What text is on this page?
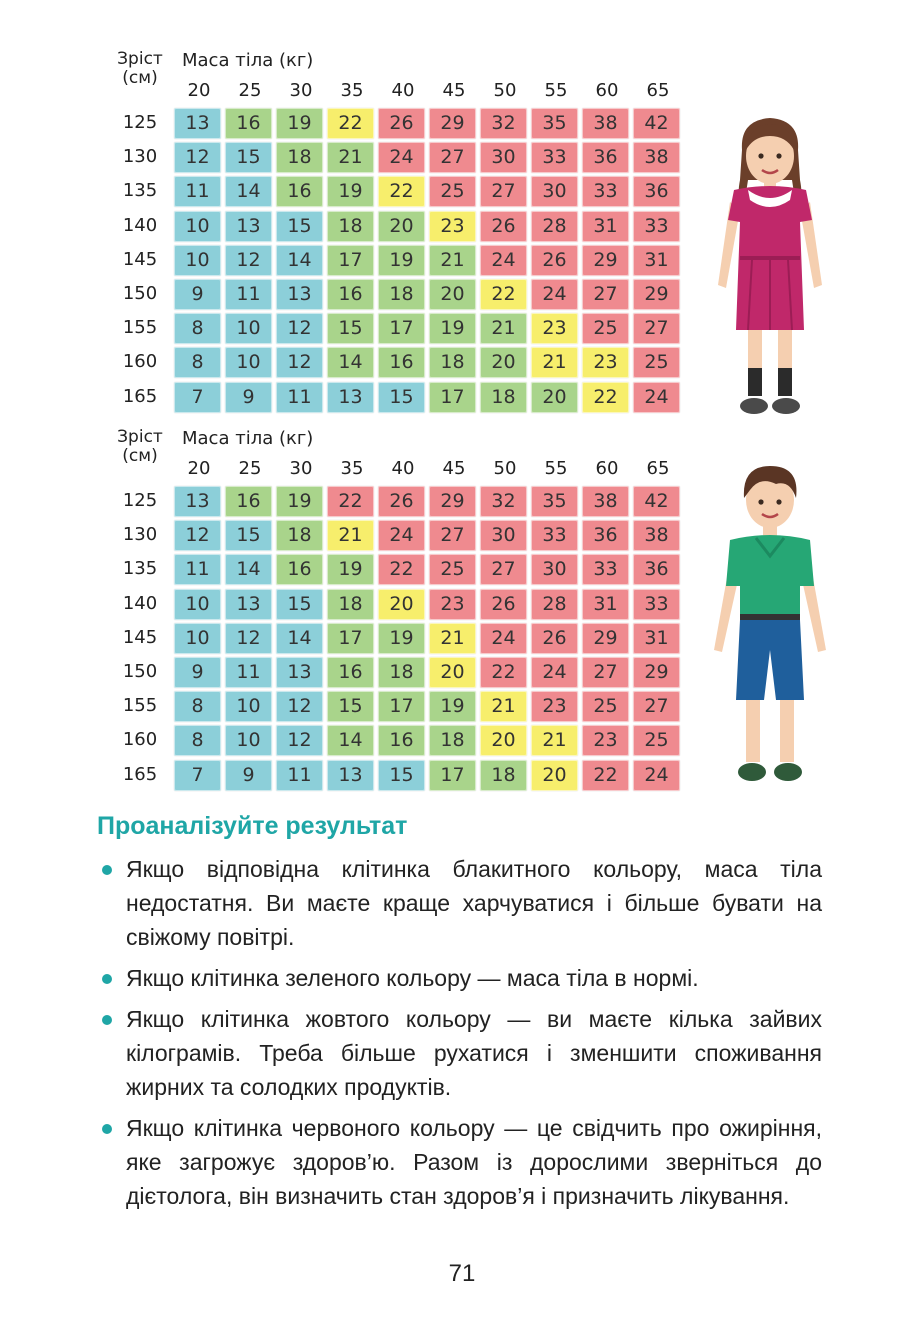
Зріст
(см)
Маса тіла (кг)
20	25	30	35	40	45	50	55	60	65
125	13	16	19	22	26	29	32	35	38	42
130	12	15	18	21	24	27	30	33	36	38
135	11	14	16	19	22	25	27	30	33	36
140	10	13	15	18	20	23	26	28	31	33
145	10	12	14	17	19	21	24	26	29	31
150	9	11	13	16	18	20	22	24	27	29
155	8	10	12	15	17	19	21	23	25	27
160	8	10	12	14	16	18	20	21	23	25
165	7	9	11	13	15	17	18	20	22	24
Зріст
(см)
Маса тіла (кг)
20	25	30	35	40	45	50	55	60	65
125	13	16	19	22	26	29	32	35	38	42
130	12	15	18	21	24	27	30	33	36	38
135	11	14	16	19	22	25	27	30	33	36
140	10	13	15	18	20	23	26	28	31	33
145	10	12	14	17	19	21	24	26	29	31
150	9	11	13	16	18	20	22	24	27	29
155	8	10	12	15	17	19	21	23	25	27
160	8	10	12	14	16	18	20	21	23	25
165	7	9	11	13	15	17	18	20	22	24
Проаналізуйте результат
Якщо відповідна клітинка блакитного кольору, маса тіла недостатня. Ви маєте краще харчуватися і більше бувати на свіжому повітрі.
Якщо клітинка зеленого кольору — маса тіла в нормі.
Якщо клітинка жовтого кольору — ви маєте кілька зайвих кілограмів. Треба більше рухатися і зменшити споживання жирних та солодких продуктів.
Якщо клітинка червоного кольору — це свідчить про ожиріння, яке загрожує здоров’ю. Разом із дорослими зверніться до дієтолога, він визначить стан здоров’я і призначить лікування.
71
